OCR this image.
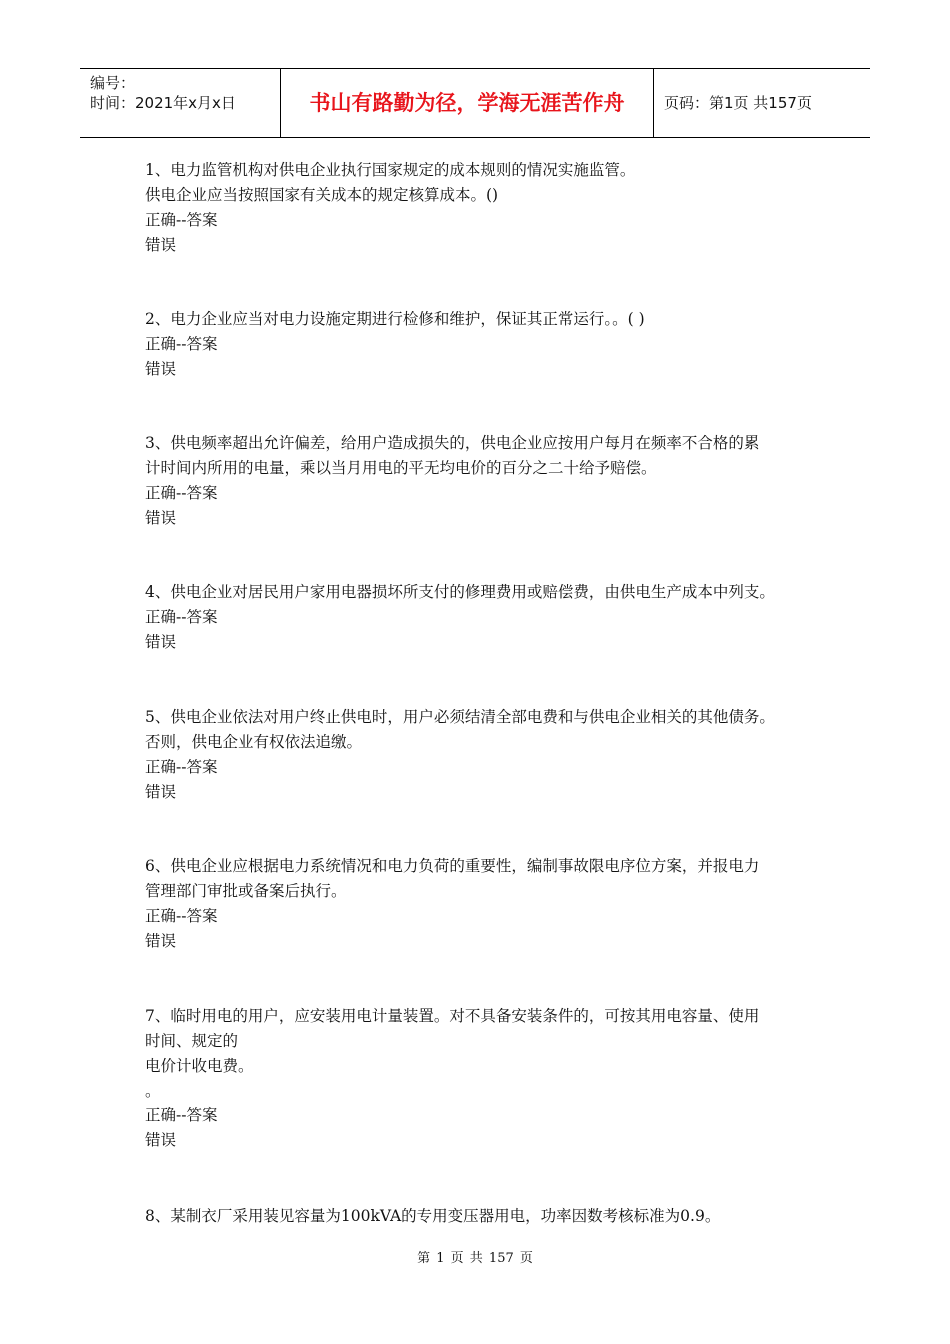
编号：
时间：2021年x月x日	书山有路勤为径，学海无涯苦作舟	页码：第1页 共157页
1、电力监管机构对供电企业执行国家规定的成本规则的情况实施监管。
供电企业应当按照国家有关成本的规定核算成本。()
正确--答案
错误
2、电力企业应当对电力设施定期进行检修和维护，保证其正常运行。。( )
正确--答案
错误
3、供电频率超出允许偏差，给用户造成损失的，供电企业应按用户每月在频率不合格的累
计时间内所用的电量，乘以当月用电的平无均电价的百分之二十给予赔偿。
正确--答案
错误
4、供电企业对居民用户家用电器损坏所支付的修理费用或赔偿费，由供电生产成本中列支。
正确--答案
错误
5、供电企业依法对用户终止供电时，用户必须结清全部电费和与供电企业相关的其他债务。
否则，供电企业有权依法追缴。
正确--答案
错误
6、供电企业应根据电力系统情况和电力负荷的重要性，编制事故限电序位方案，并报电力
管理部门审批或备案后执行。
正确--答案
错误
7、临时用电的用户，应安装用电计量装置。对不具备安装条件的，可按其用电容量、使用
时间、规定的
电价计收电费。
。
正确--答案
错误
8、某制衣厂采用装见容量为100kVA的专用变压器用电，功率因数考核标准为0.9。
第 1 页 共 157 页
